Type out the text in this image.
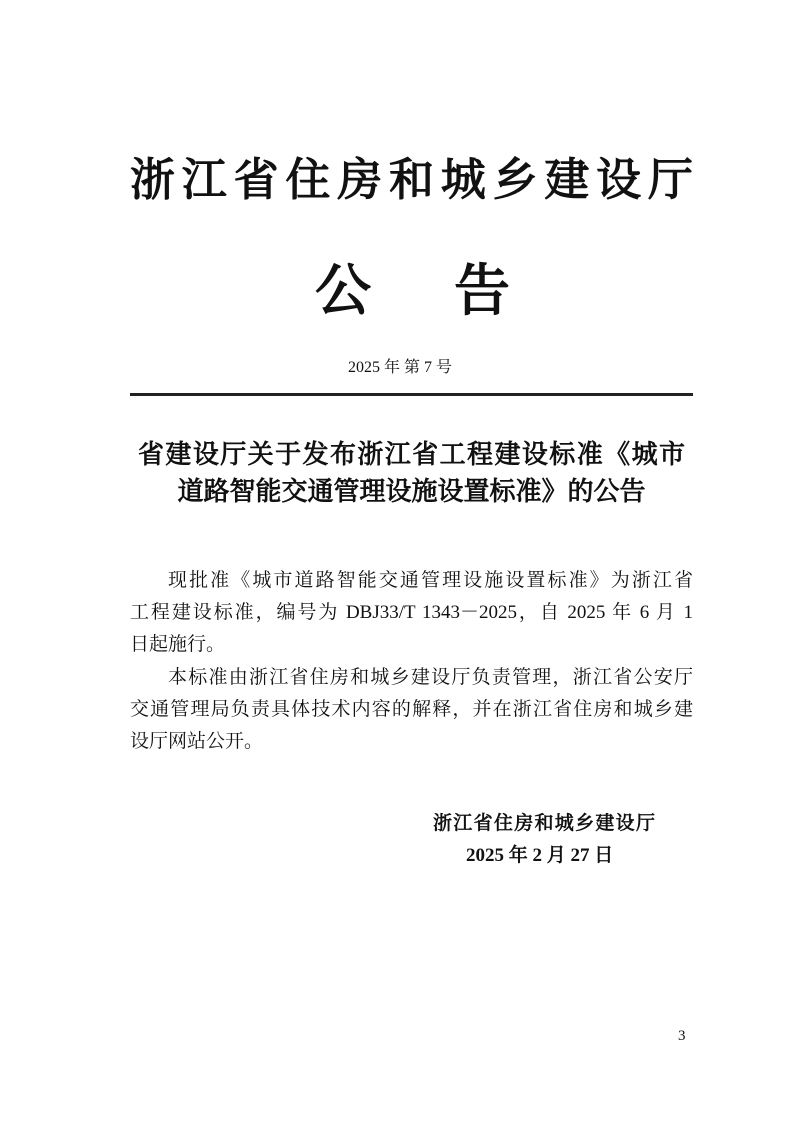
浙江省住房和城乡建设厅
公告
2025 年 第 7 号
省建设厅关于发布浙江省工程建设标准《城市
道路智能交通管理设施设置标准》的公告
现批准《城市道路智能交通管理设施设置标准》为浙江省
工程建设标准，编号为 DBJ33/T 1343－2025，自 2025 年 6 月 1
日起施行。
本标准由浙江省住房和城乡建设厅负责管理，浙江省公安厅
交通管理局负责具体技术内容的解释，并在浙江省住房和城乡建
设厅网站公开。
浙江省住房和城乡建设厅
2025 年 2 月 27 日
3
